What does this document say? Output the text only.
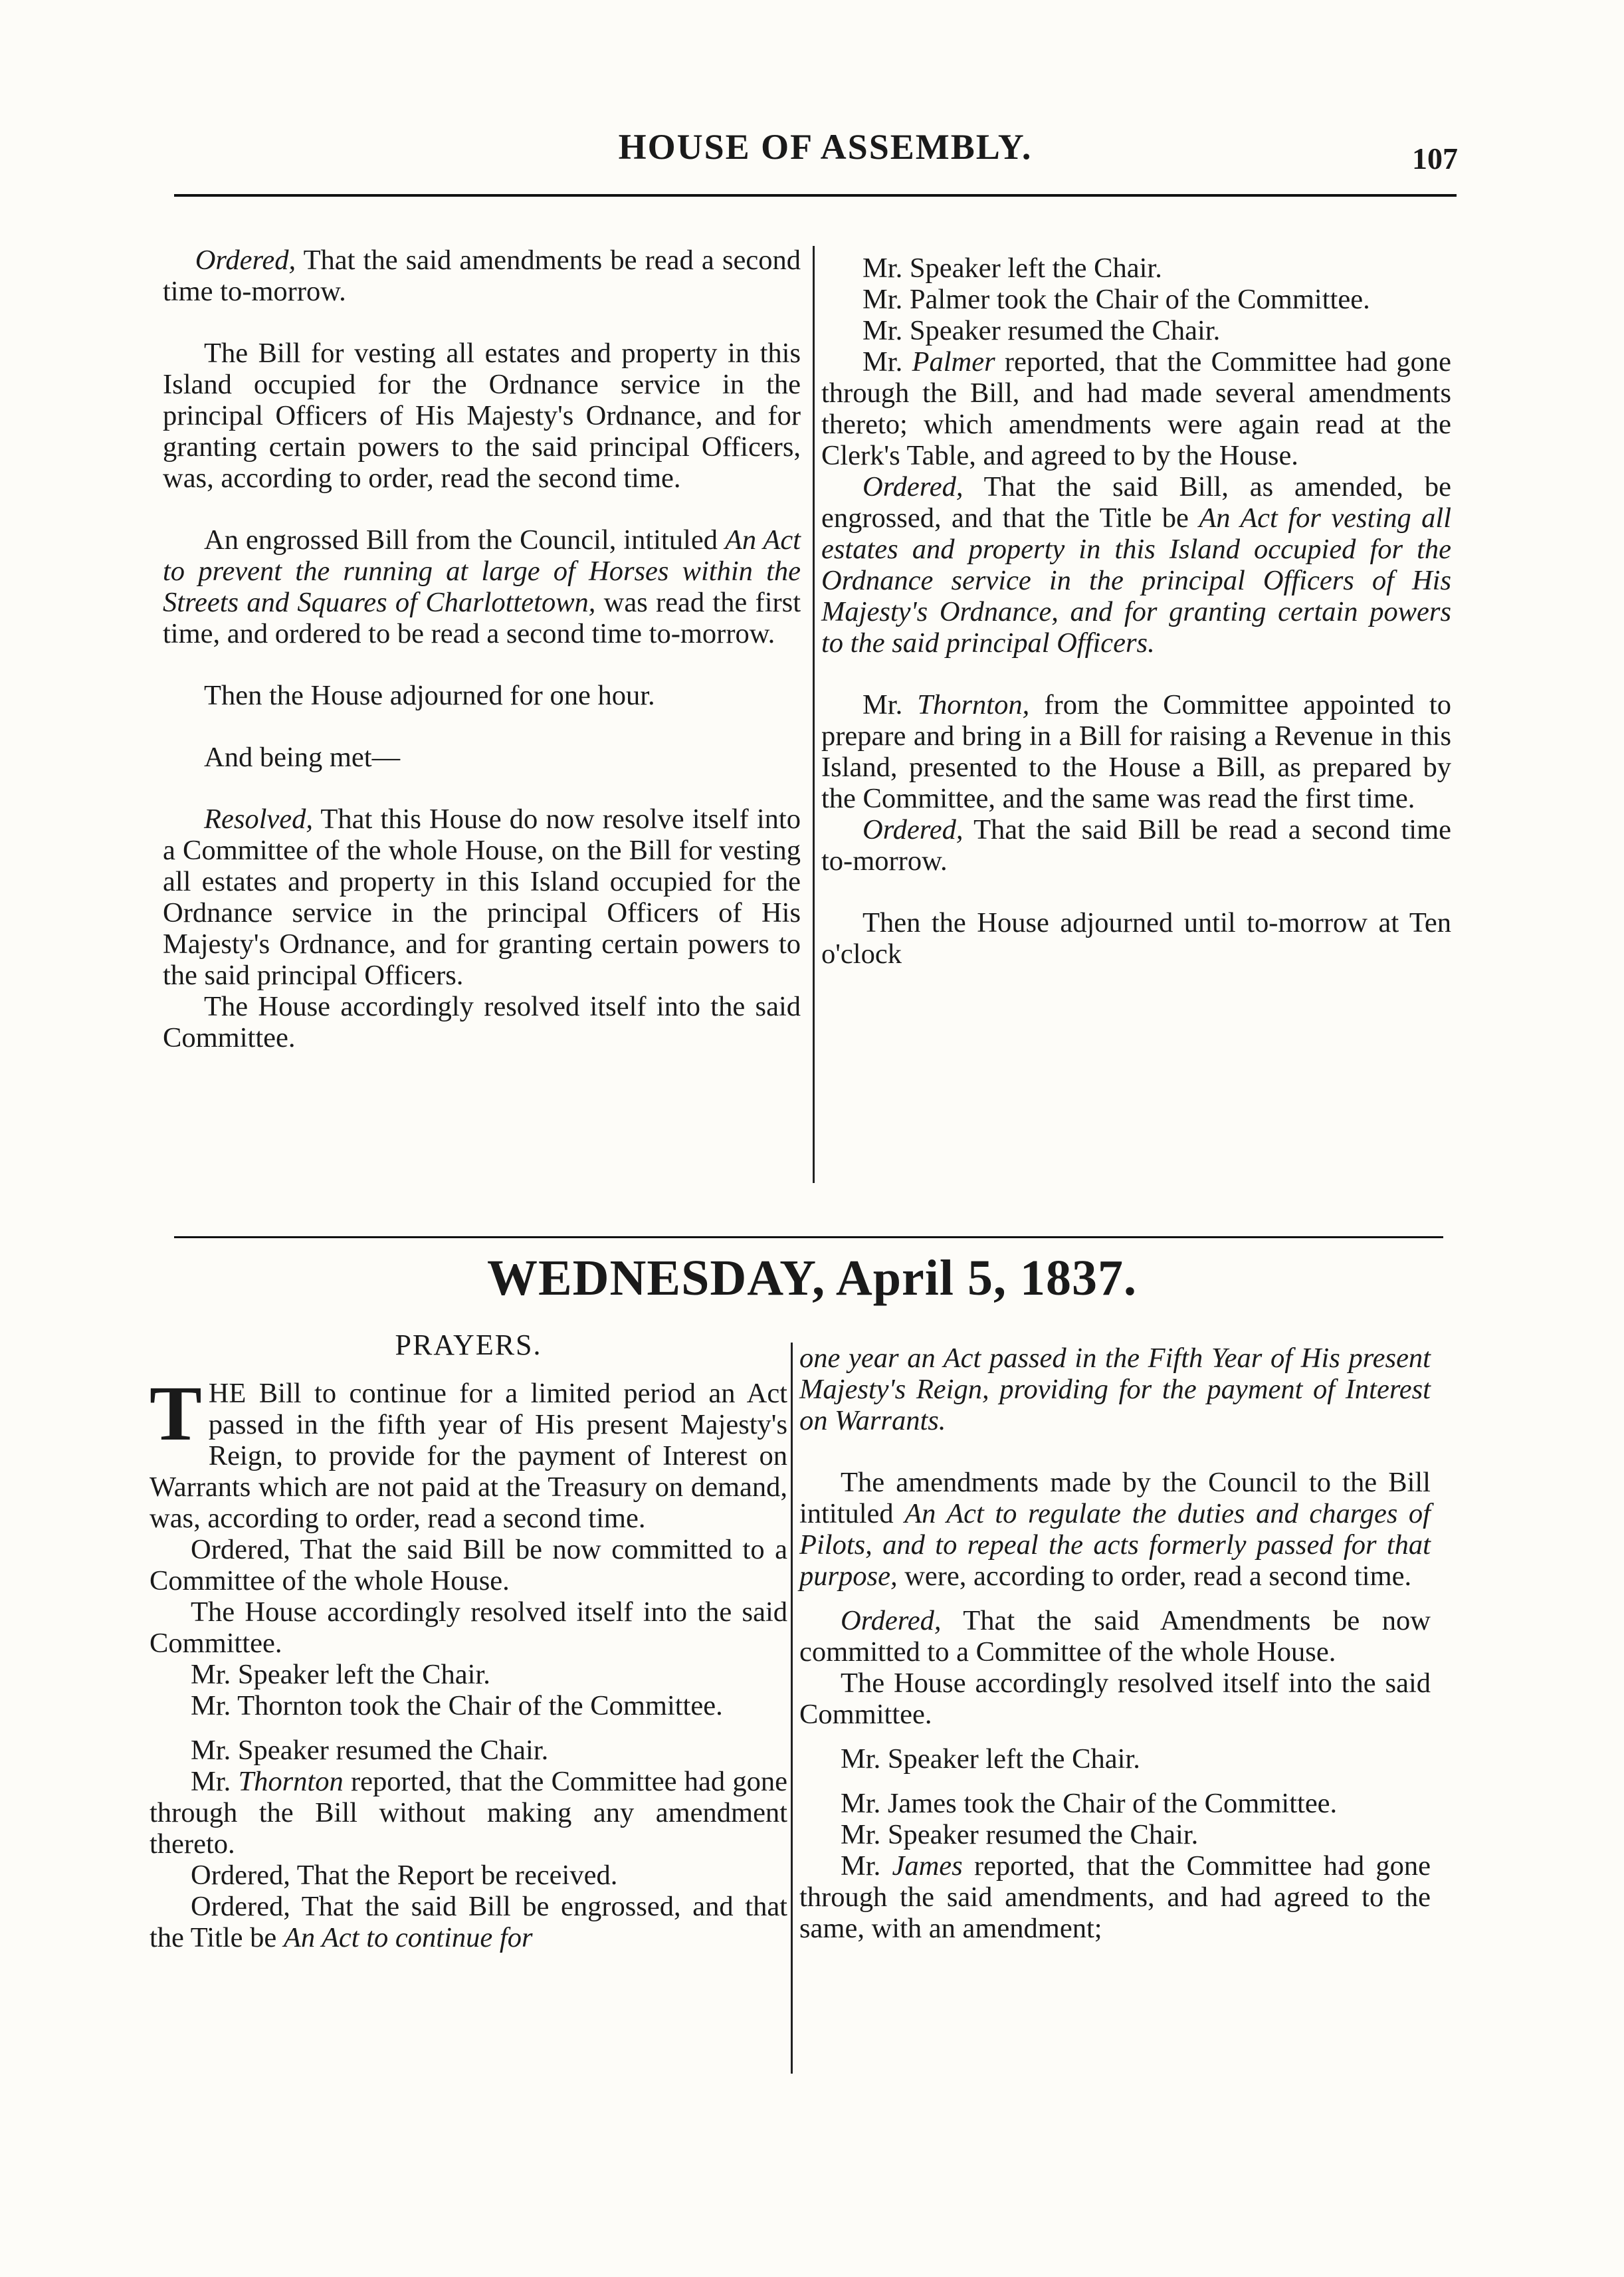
HOUSE OF ASSEMBLY.	107

Ordered, That the said amendments be read a second time to-morrow.

The Bill for vesting all estates and property in this Island occupied for the Ordnance service in the principal Officers of His Majesty's Ordnance, and for granting certain powers to the said principal Officers, was, according to order, read the second time.

An engrossed Bill from the Council, intituled An Act to prevent the running at large of Horses within the Streets and Squares of Charlottetown, was read the first time, and ordered to be read a second time to-morrow.

Then the House adjourned for one hour.

And being met—

Resolved, That this House do now resolve itself into a Committee of the whole House, on the Bill for vesting all estates and property in this Island occupied for the Ordnance service in the principal Officers of His Majesty's Ordnance, and for granting certain powers to the said principal Officers.

The House accordingly resolved itself into the said Committee.

Mr. Speaker left the Chair.

Mr. Palmer took the Chair of the Committee.

Mr. Speaker resumed the Chair.

Mr. Palmer reported, that the Committee had gone through the Bill, and had made several amendments thereto; which amendments were again read at the Clerk's Table, and agreed to by the House.

Ordered, That the said Bill, as amended, be engrossed, and that the Title be An Act for vesting all estates and property in this Island occupied for the Ordnance service in the principal Officers of His Majesty's Ordnance, and for granting certain powers to the said principal Officers.

Mr. Thornton, from the Committee appointed to prepare and bring in a Bill for raising a Revenue in this Island, presented to the House a Bill, as prepared by the Committee, and the same was read the first time.

Ordered, That the said Bill be read a second time to-morrow.

Then the House adjourned until to-morrow at Ten o'clock

WEDNESDAY, April 5, 1837.

PRAYERS.

THE Bill to continue for a limited period an Act passed in the fifth year of His present Majesty's Reign, to provide for the payment of Interest on Warrants which are not paid at the Treasury on demand, was, according to order, read a second time.

Ordered, That the said Bill be now committed to a Committee of the whole House.

The House accordingly resolved itself into the said Committee.

Mr. Speaker left the Chair.

Mr. Thornton took the Chair of the Committee.

Mr. Speaker resumed the Chair.

Mr. Thornton reported, that the Committee had gone through the Bill without making any amendment thereto.

Ordered, That the Report be received.

Ordered, That the said Bill be engrossed, and that the Title be An Act to continue for

one year an Act passed in the Fifth Year of His present Majesty's Reign, providing for the payment of Interest on Warrants.

The amendments made by the Council to the Bill intituled An Act to regulate the duties and charges of Pilots, and to repeal the acts formerly passed for that purpose, were, according to order, read a second time.

Ordered, That the said Amendments be now committed to a Committee of the whole House.

The House accordingly resolved itself into the said Committee.

Mr. Speaker left the Chair.

Mr. James took the Chair of the Committee.

Mr. Speaker resumed the Chair.

Mr. James reported, that the Committee had gone through the said amendments, and had agreed to the same, with an amendment;
